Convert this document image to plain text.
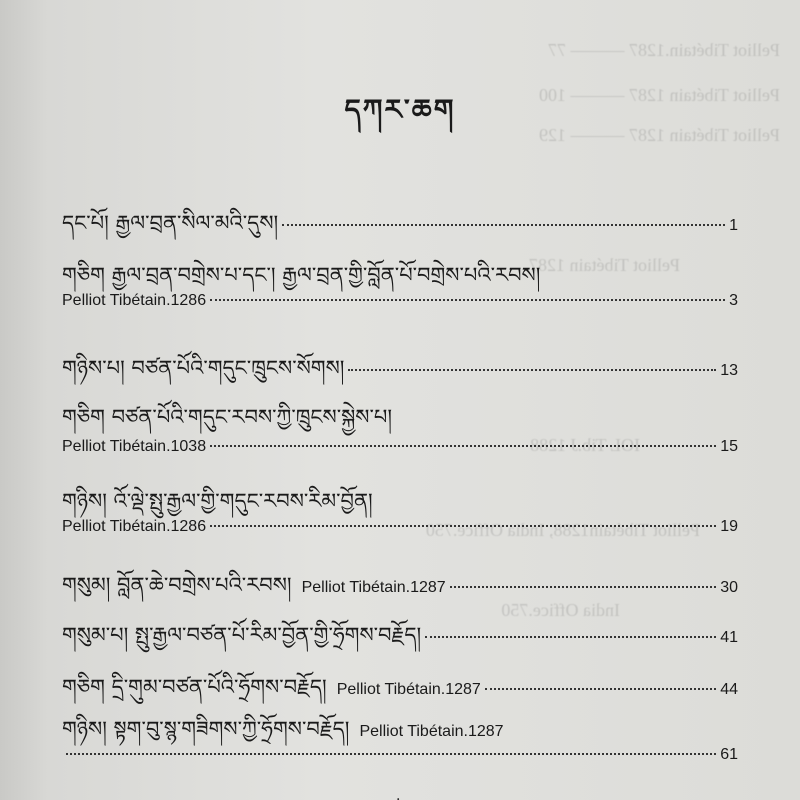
Pelliot Tibétain.1287 ——— 77
Pelliot Tibétain 1287 ——— 100
Pelliot Tibétain 1287 ——— 129
Pelliot Tibétain 1287
IOL Tib.J 1288
Pelliot Tibétain1288, India Office.750
India Office.750
དཀར་ཆག
དང་པོ། རྒྱལ་བྲན་སིལ་མའི་དུས།	1
གཅིག རྒྱལ་བྲན་བགྲེས་པ་དང་། རྒྱལ་བྲན་གྱི་བློན་པོ་བགྲེས་པའི་རབས།
Pelliot Tibétain.1286	3
གཉིས་པ། བཙན་པོའི་གདུང་ཁྲུངས་སོགས།	13
གཅིག བཙན་པོའི་གདུང་རབས་ཀྱི་ཁྲུངས་སྐྱེས་པ།
Pelliot Tibétain.1038	15
གཉིས། འོ་ལྡེ་སྤུ་རྒྱལ་གྱི་གདུང་རབས་རིམ་བྱོན།
Pelliot Tibétain.1286	19
གསུམ། བློན་ཆེ་བགྲེས་པའི་རབས། Pelliot Tibétain.1287	30
གསུམ་པ། སྤུ་རྒྱལ་བཙན་པོ་རིམ་བྱོན་གྱི་ཧྲོགས་བརྗོད།	41
གཅིག དྲི་གུམ་བཙན་པོའི་ཧྲོགས་བརྗོད། Pelliot Tibétain.1287	44
གཉིས། སྟག་བུ་སྙ་གཟིགས་ཀྱི་ཧྲོགས་བརྗོད། Pelliot Tibétain.1287
61
·
